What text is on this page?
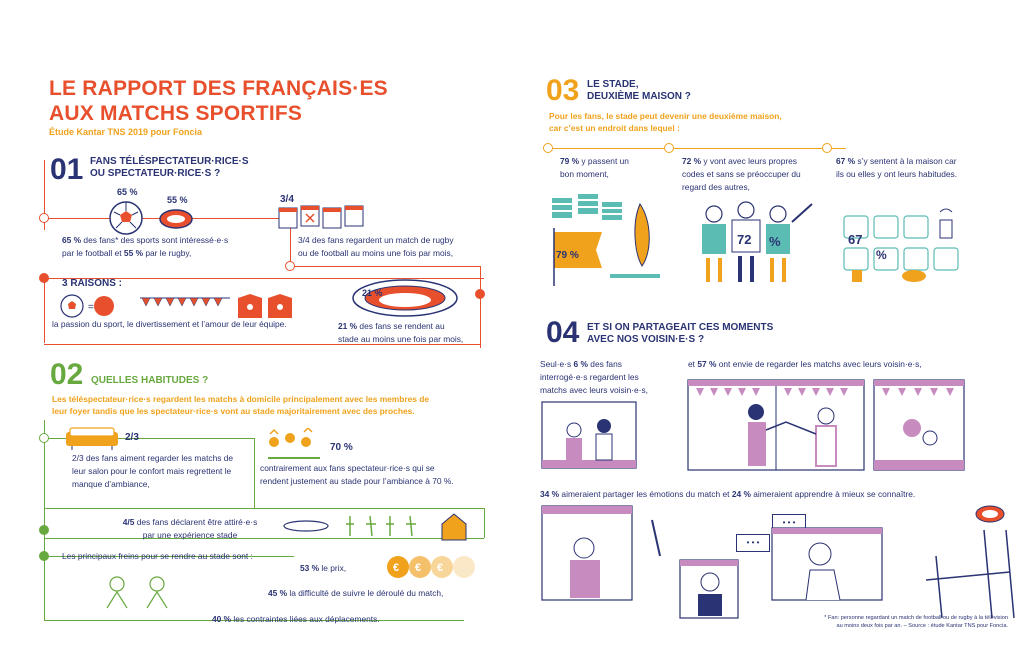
LE RAPPORT DES FRANÇAIS·ES
AUX MATCHS SPORTIFS
Étude Kantar TNS 2019 pour Foncia
01 FANS TÉLÉSPECTATEUR·RICE·S
OU SPECTATEUR·RICE·S ?
65 %
55 %
65 % des fans* des sports sont intéressé·e·s
par le football et 55 % par le rugby,
3/4
3/4 des fans regardent un match de rugby
ou de football au moins une fois par mois,
3 RAISONS :
=
la passion du sport, le divertissement et l’amour de leur équipe.
21 %
21 % des fans se rendent au
stade au moins une fois par mois,
02 QUELLES HABITUDES ?
Les téléspectateur·rice·s regardent les matchs à domicile principalement avec les membres de
leur foyer tandis que les spectateur·rice·s vont au stade majoritairement avec des proches.
2/3
2/3 des fans aiment regarder les matchs de
leur salon pour le confort mais regrettent le
manque d’ambiance,
70 %
contrairement aux fans spectateur·rice·s qui se
rendent justement au stade pour l’ambiance à 70 %.
4/5 des fans déclarent être attiré·e·s
par une expérience stade
Les principaux freins pour se rendre au stade sont :
53 % le prix,	€ € €
45 % la difficulté de suivre le déroulé du match,
40 % les contraintes liées aux déplacements.
03 LE STADE,
DEUXIÈME MAISON ?
Pour les fans, le stade peut devenir une deuxième maison,
car c’est un endroit dans lequel :
79 % y passent un
bon moment,
72 % y vont avec leurs propres
codes et sans se préoccuper du
regard des autres,
67 % s’y sentent à la maison car
ils ou elles y ont leurs habitudes.
79 %
72 %	67
%
04 ET SI ON PARTAGEAIT CES MOMENTS
AVEC NOS VOISIN·E·S ?
Seul·e·s 6 % des fans
interrogé·e·s regardent les
matchs avec leurs voisin·e·s,
et 57 % ont envie de regarder les matchs avec leurs voisin·e·s,
34 % aimeraient partager les émotions du match et 24 % aimeraient apprendre à mieux se connaître.
• • •
• • •
* Fan: personne regardant un match de football ou de rugby à la télévision
au moins deux fois par an. – Source : étude Kantar TNS pour Foncia.
